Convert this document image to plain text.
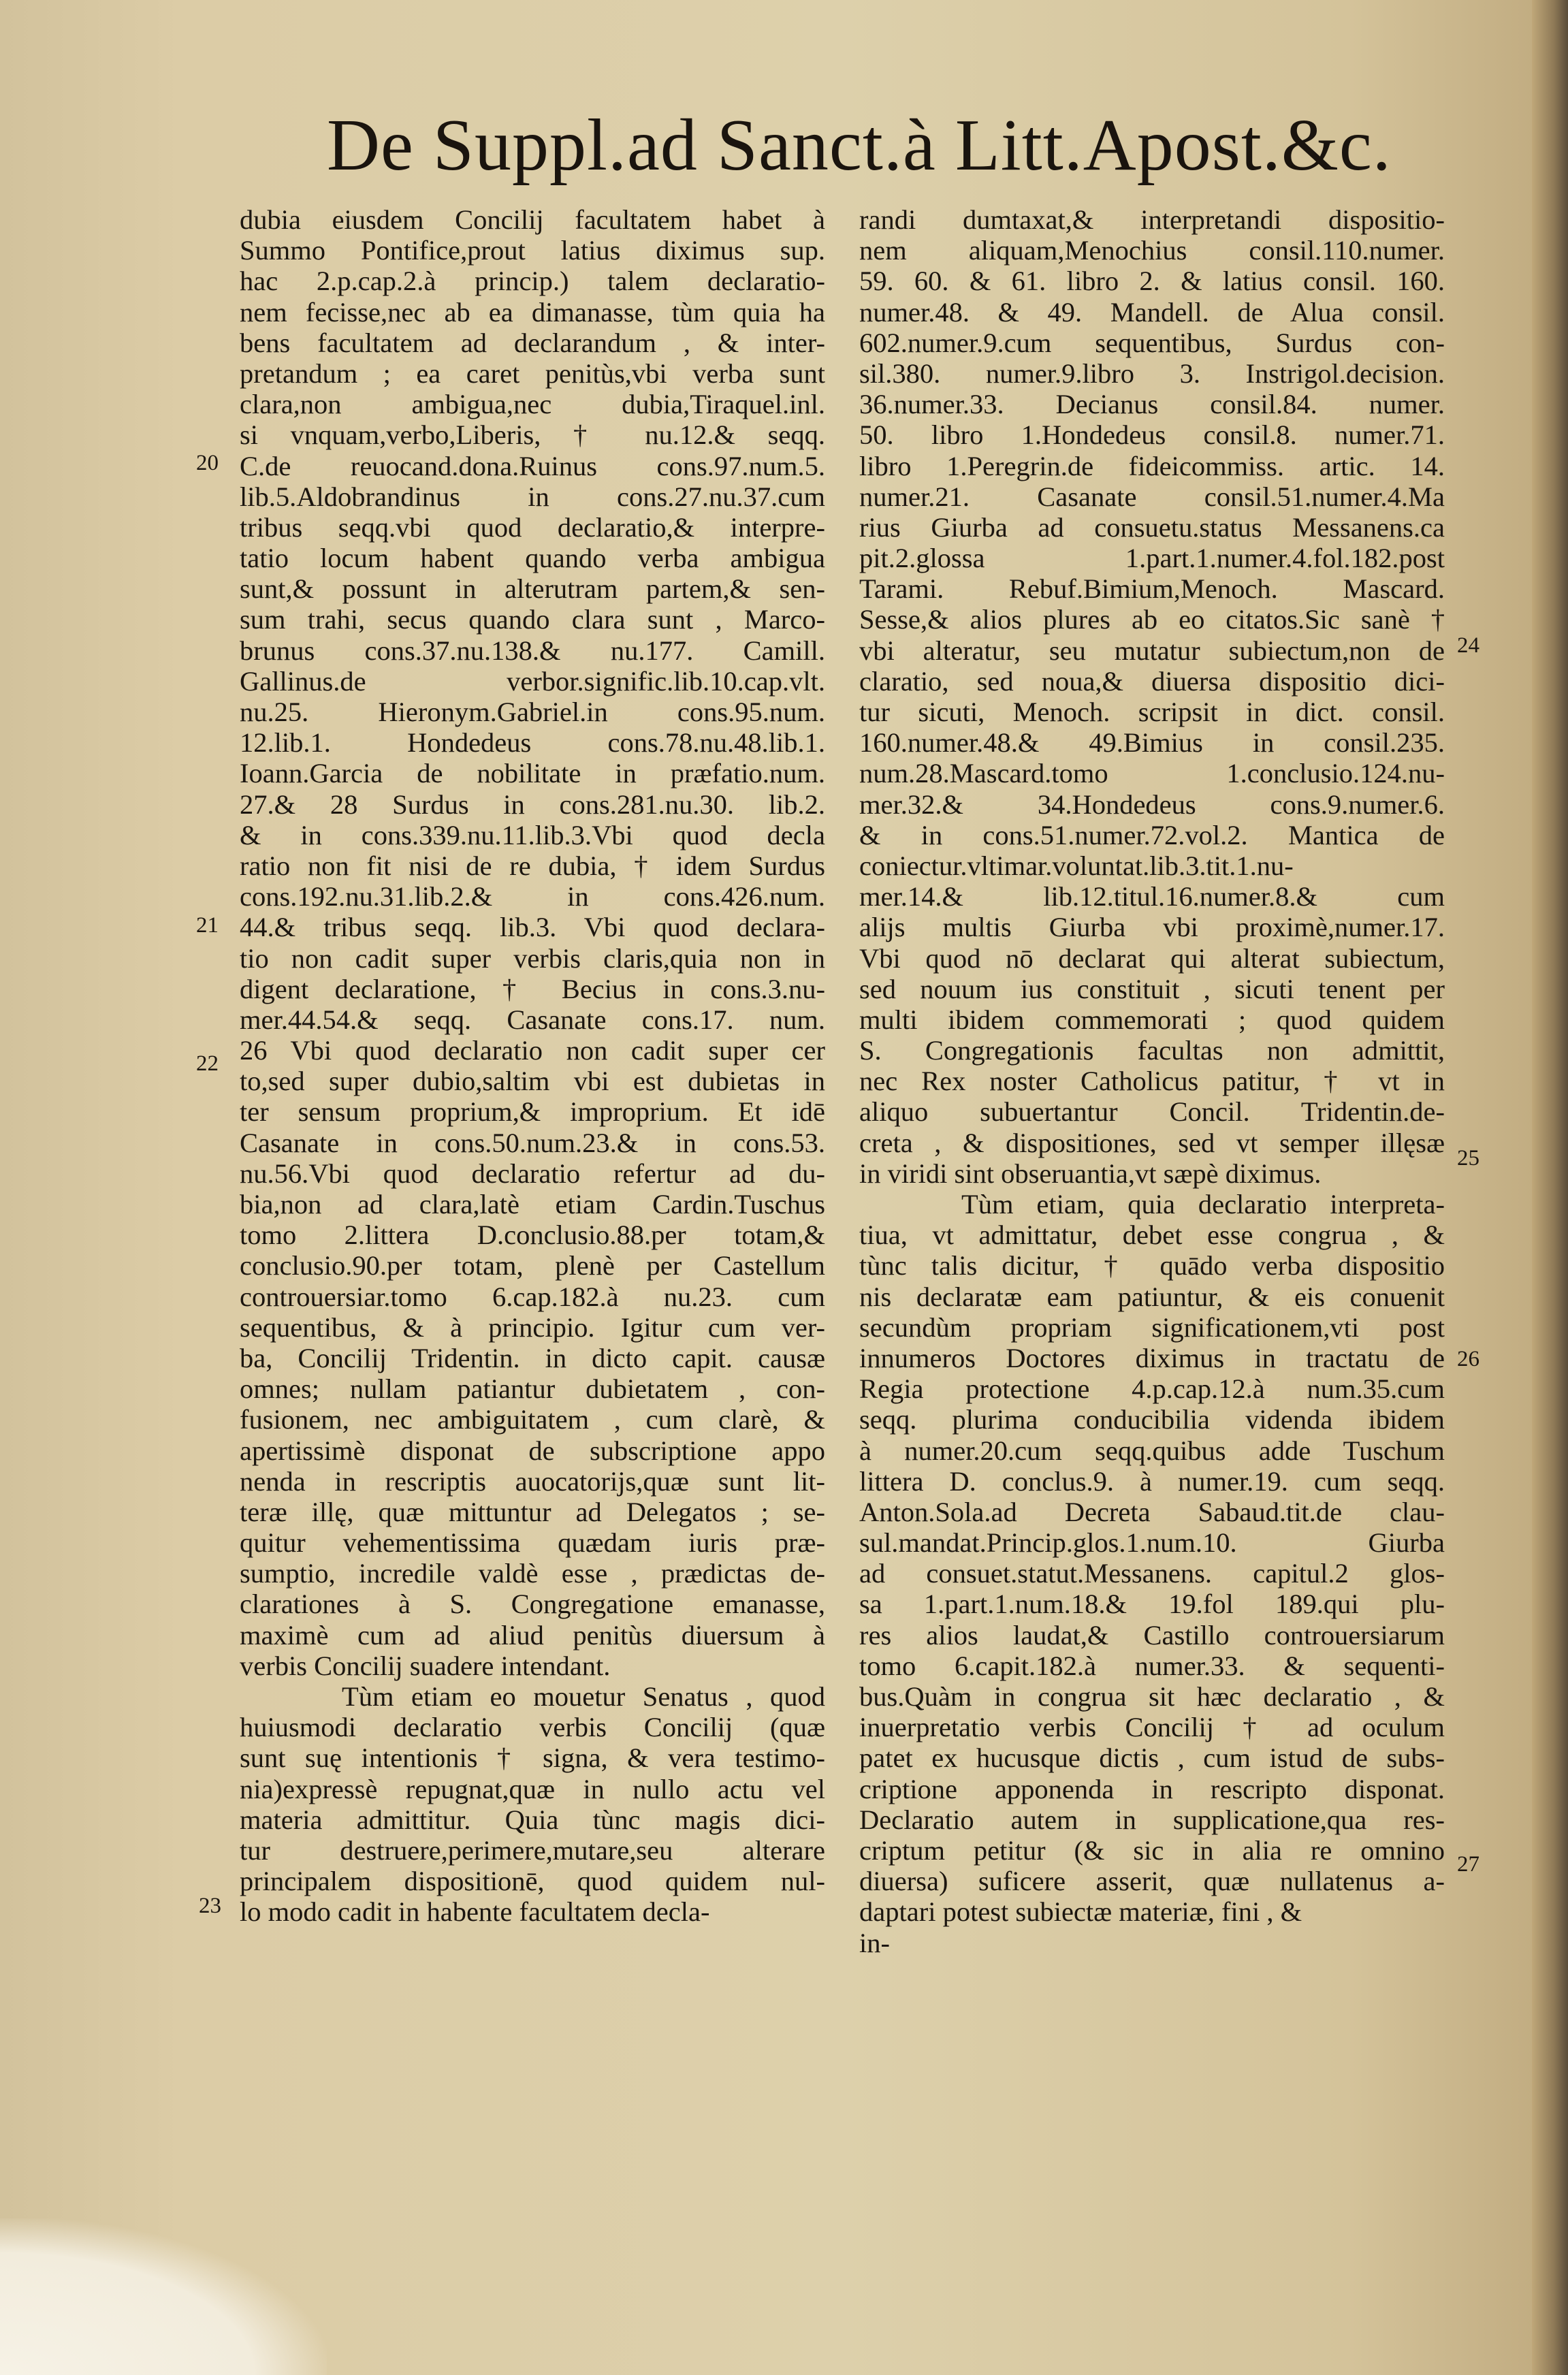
De Suppl.ad Sanct.à Litt.Apost.&c.
dubia eiusdem Concilij facultatem habet à
Summo Pontifice,prout latius diximus sup.
hac 2.p.cap.2.à princip.) talem declaratio-
nem fecisse,nec ab ea dimanasse, tùm quia ha
bens facultatem ad declarandum , & inter-
pretandum ; ea caret penitùs,vbi verba sunt
clara,non ambigua,nec dubia,Tiraquel.inl.
si vnquam,verbo,Liberis, † nu.12.& seqq.
C.de reuocand.dona.Ruinus cons.97.num.5.
lib.5.Aldobrandinus in cons.27.nu.37.cum
tribus seqq.vbi quod declaratio,& interpre-
tatio locum habent quando verba ambigua
sunt,& possunt in alterutram partem,& sen-
sum trahi, secus quando clara sunt , Marco-
brunus cons.37.nu.138.& nu.177. Camill.
Gallinus.de verbor.signific.lib.10.cap.vlt.
nu.25. Hieronym.Gabriel.in cons.95.num.
12.lib.1. Hondedeus cons.78.nu.48.lib.1.
Ioann.Garcia de nobilitate in præfatio.num.
27.& 28 Surdus in cons.281.nu.30. lib.2.
& in cons.339.nu.11.lib.3.Vbi quod decla
ratio non fit nisi de re dubia, † idem Surdus
cons.192.nu.31.lib.2.& in cons.426.num.
44.& tribus seqq. lib.3. Vbi quod declara-
tio non cadit super verbis claris,quia non in
digent declaratione, † Becius in cons.3.nu-
mer.44.54.& seqq. Casanate cons.17. num.
26 Vbi quod declaratio non cadit super cer
to,sed super dubio,saltim vbi est dubietas in
ter sensum proprium,& improprium. Et idē
Casanate in cons.50.num.23.& in cons.53.
nu.56.Vbi quod declaratio refertur ad du-
bia,non ad clara,latè etiam Cardin.Tuschus
tomo 2.littera D.conclusio.88.per totam,&
conclusio.90.per totam, plenè per Castellum
controuersiar.tomo 6.cap.182.à nu.23. cum
sequentibus, & à principio. Igitur cum ver-
ba, Concilij Tridentin. in dicto capit. causæ
omnes; nullam patiantur dubietatem , con-
fusionem, nec ambiguitatem , cum clarè, &
apertissimè disponat de subscriptione appo
nenda in rescriptis auocatorijs,quæ sunt lit-
teræ illę, quæ mittuntur ad Delegatos ; se-
quitur vehementissima quædam iuris præ-
sumptio, incredile valdè esse , prædictas de-
clarationes à S. Congregatione emanasse,
maximè cum ad aliud penitùs diuersum à
verbis Concilij suadere intendant.
Tùm etiam eo mouetur Senatus , quod
huiusmodi declaratio verbis Concilij (quæ
sunt suę intentionis † signa, & vera testimo-
nia)expressè repugnat,quæ in nullo actu vel
materia admittitur. Quia tùnc magis dici-
tur destruere,perimere,mutare,seu alterare
principalem dispositionē, quod quidem nul-
lo modo cadit in habente facultatem decla-
randi dumtaxat,& interpretandi dispositio-
nem aliquam,Menochius consil.110.numer.
59. 60. & 61. libro 2. & latius consil. 160.
numer.48. & 49. Mandell. de Alua consil.
602.numer.9.cum sequentibus, Surdus con-
sil.380. numer.9.libro 3. Instrigol.decision.
36.numer.33. Decianus consil.84. numer.
50. libro 1.Hondedeus consil.8. numer.71.
libro 1.Peregrin.de fideicommiss. artic. 14.
numer.21. Casanate consil.51.numer.4.Ma
rius Giurba ad consuetu.status Messanens.ca
pit.2.glossa 1.part.1.numer.4.fol.182.post
Tarami. Rebuf.Bimium,Menoch. Mascard.
Sesse,& alios plures ab eo citatos.Sic sanè †
vbi alteratur, seu mutatur subiectum,non de
claratio, sed noua,& diuersa dispositio dici-
tur sicuti, Menoch. scripsit in dict. consil.
160.numer.48.& 49.Bimius in consil.235.
num.28.Mascard.tomo 1.conclusio.124.nu-
mer.32.& 34.Hondedeus cons.9.numer.6.
& in cons.51.numer.72.vol.2. Mantica de
coniectur.vltimar.voluntat.lib.3.tit.1.nu-
mer.14.& lib.12.titul.16.numer.8.& cum
alijs multis Giurba vbi proximè,numer.17.
Vbi quod nō declarat qui alterat subiectum,
sed nouum ius constituit , sicuti tenent per
multi ibidem commemorati ; quod quidem
S. Congregationis facultas non admittit,
nec Rex noster Catholicus patitur, † vt in
aliquo subuertantur Concil. Tridentin.de-
creta , & dispositiones, sed vt semper illęsæ
in viridi sint obseruantia,vt sæpè diximus.
Tùm etiam, quia declaratio interpreta-
tiua, vt admittatur, debet esse congrua , &
tùnc talis dicitur, † quādo verba dispositio
nis declaratæ eam patiuntur, & eis conuenit
secundùm propriam significationem,vti post
innumeros Doctores diximus in tractatu de
Regia protectione 4.p.cap.12.à num.35.cum
seqq. plurima conducibilia videnda ibidem
à numer.20.cum seqq.quibus adde Tuschum
littera D. conclus.9. à numer.19. cum seqq.
Anton.Sola.ad Decreta Sabaud.tit.de clau-
sul.mandat.Princip.glos.1.num.10. Giurba
ad consuet.statut.Messanens. capitul.2 glos-
sa 1.part.1.num.18.& 19.fol 189.qui plu-
res alios laudat,& Castillo controuersiarum
tomo 6.capit.182.à numer.33. & sequenti-
bus.Quàm in congrua sit hæc declaratio , &
inuerpretatio verbis Concilij † ad oculum
patet ex hucusque dictis , cum istud de subs-
criptione apponenda in rescripto disponat.
Declaratio autem in supplicatione,qua res-
criptum petitur (& sic in alia re omnino
diuersa) suficere asserit, quæ nullatenus a-
daptari potest subiectæ materiæ, fini , &
in-
20
21
22
23
24
25
26
27
